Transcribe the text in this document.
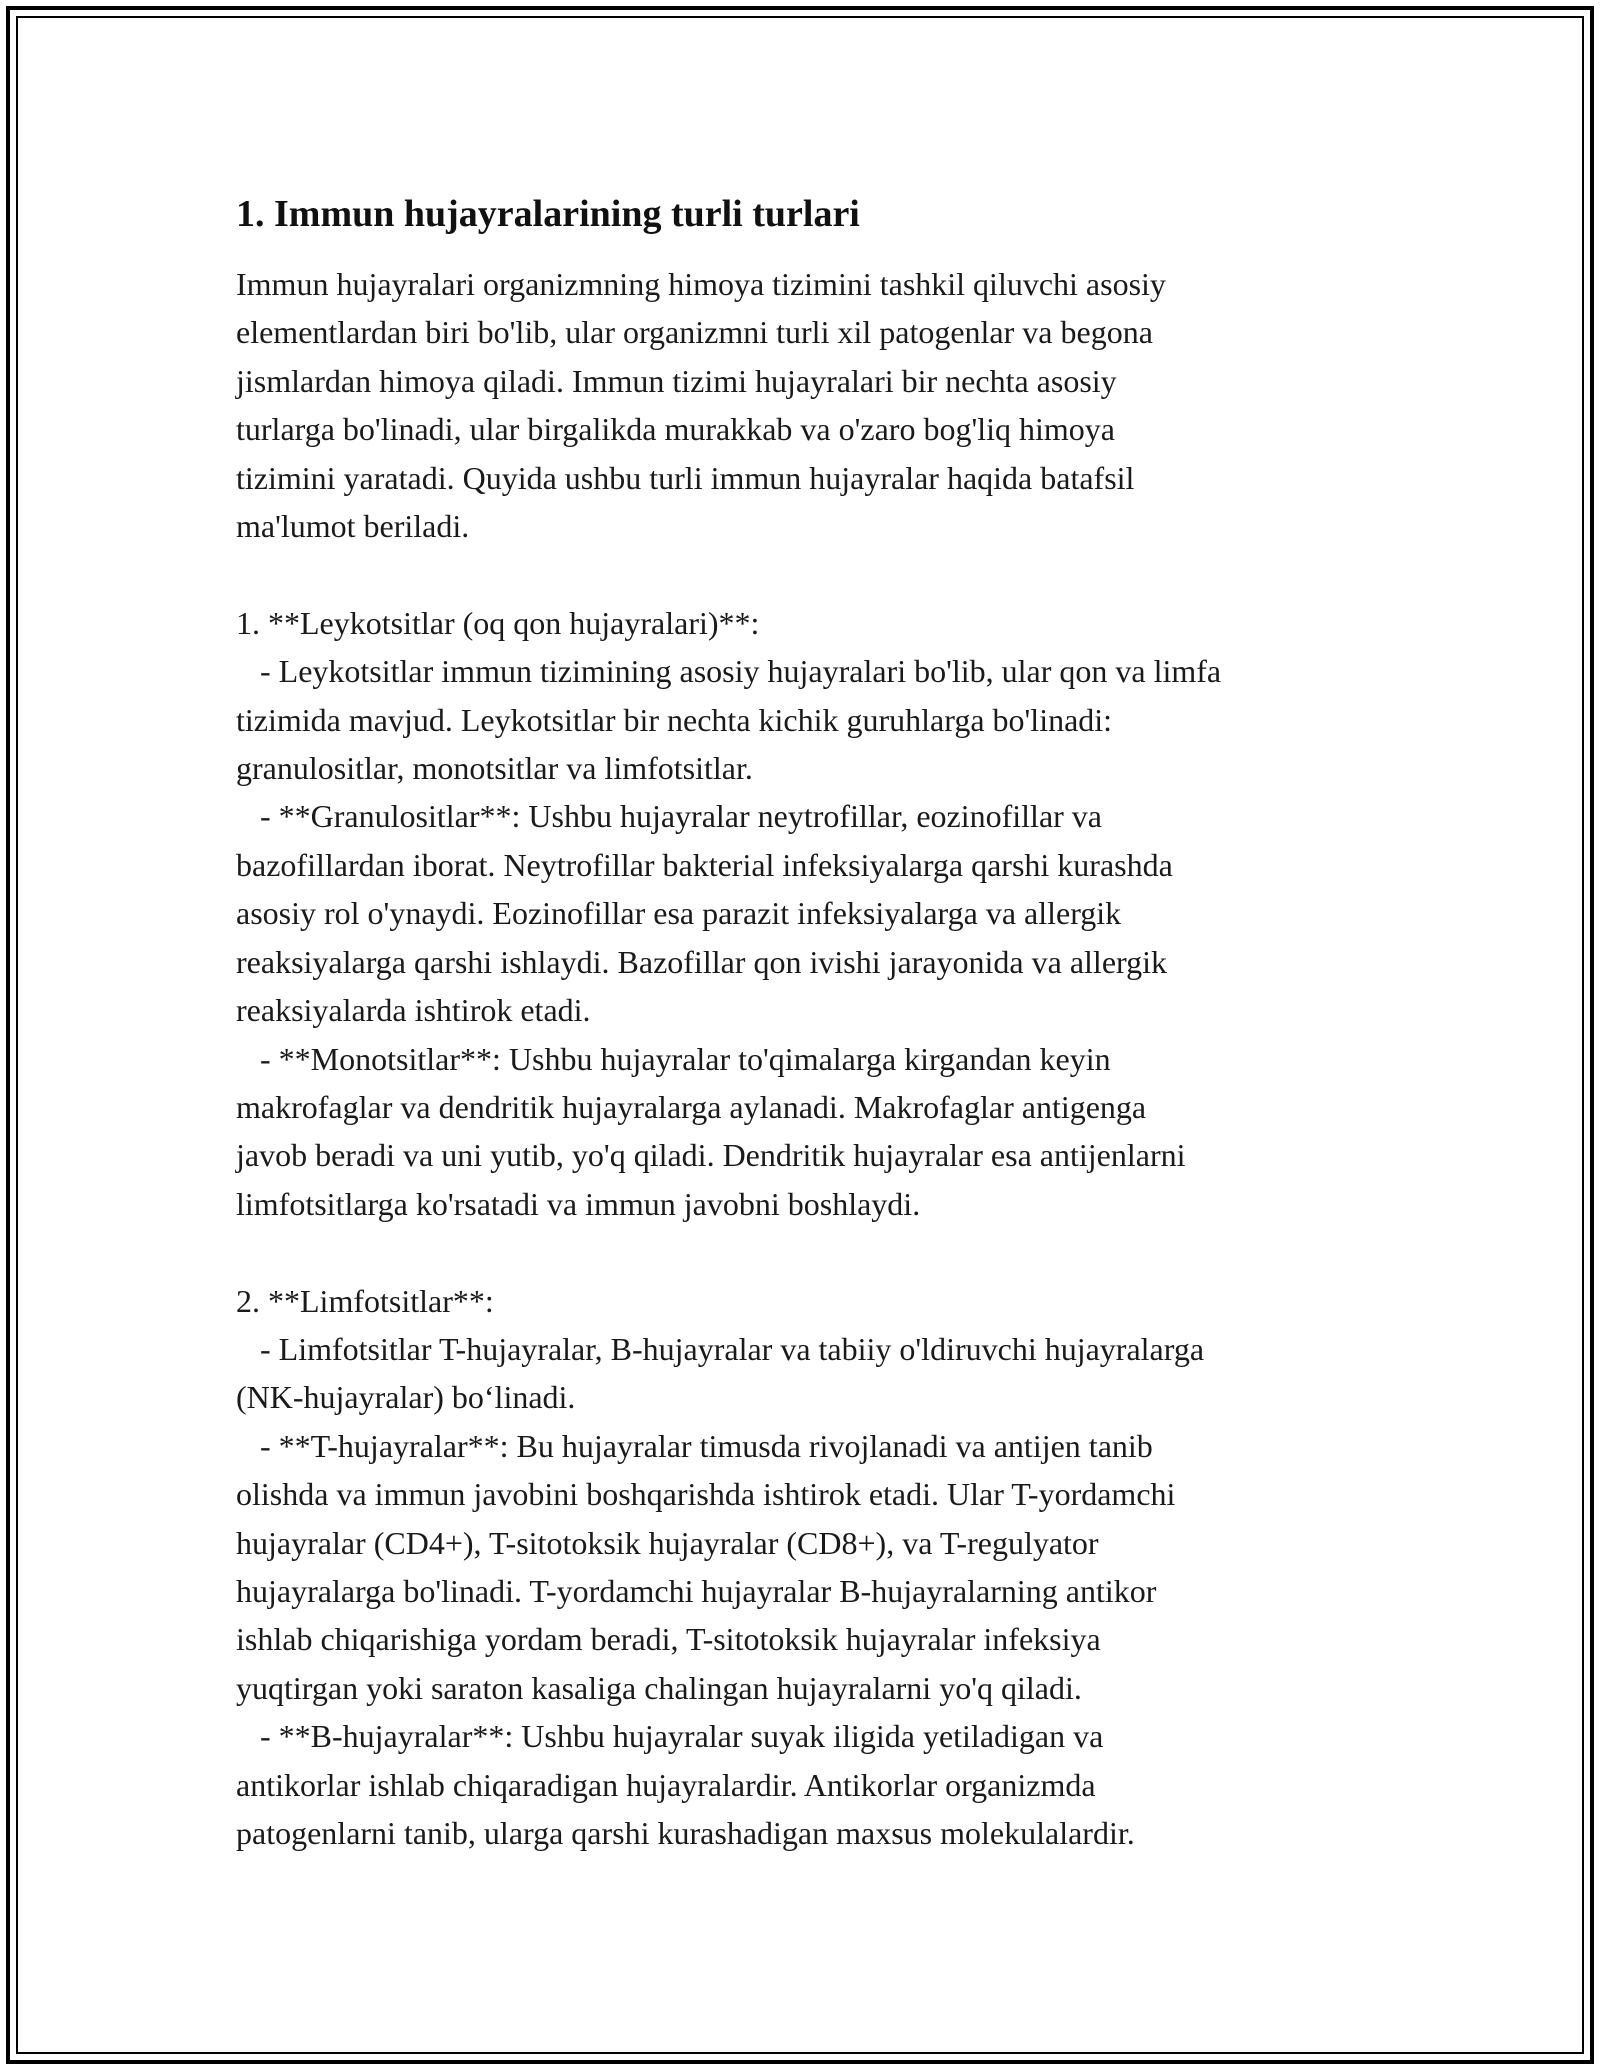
1. Immun hujayralarining turli turlari

Immun hujayralari organizmning himoya tizimini tashkil qiluvchi asosiy
elementlardan biri bo'lib, ular organizmni turli xil patogenlar va begona
jismlardan himoya qiladi. Immun tizimi hujayralari bir nechta asosiy
turlarga bo'linadi, ular birgalikda murakkab va o'zaro bog'liq himoya
tizimini yaratadi. Quyida ushbu turli immun hujayralar haqida batafsil
ma'lumot beriladi.

1. **Leykotsitlar (oq qon hujayralari)**:
- Leykotsitlar immun tizimining asosiy hujayralari bo'lib, ular qon va limfa
tizimida mavjud. Leykotsitlar bir nechta kichik guruhlarga bo'linadi:
granulositlar, monotsitlar va limfotsitlar.
- **Granulositlar**: Ushbu hujayralar neytrofillar, eozinofillar va
bazofillardan iborat. Neytrofillar bakterial infeksiyalarga qarshi kurashda
asosiy rol o'ynaydi. Eozinofillar esa parazit infeksiyalarga va allergik
reaksiyalarga qarshi ishlaydi. Bazofillar qon ivishi jarayonida va allergik
reaksiyalarda ishtirok etadi.
- **Monotsitlar**: Ushbu hujayralar to'qimalarga kirgandan keyin
makrofaglar va dendritik hujayralarga aylanadi. Makrofaglar antigenga
javob beradi va uni yutib, yo'q qiladi. Dendritik hujayralar esa antijenlarni
limfotsitlarga ko'rsatadi va immun javobni boshlaydi.

2. **Limfotsitlar**:
- Limfotsitlar T-hujayralar, B-hujayralar va tabiiy o'ldiruvchi hujayralarga
(NK-hujayralar) bo‘linadi.
- **T-hujayralar**: Bu hujayralar timusda rivojlanadi va antijen tanib
olishda va immun javobini boshqarishda ishtirok etadi. Ular T-yordamchi
hujayralar (CD4+), T-sitotoksik hujayralar (CD8+), va T-regulyator
hujayralarga bo'linadi. T-yordamchi hujayralar B-hujayralarning antikor
ishlab chiqarishiga yordam beradi, T-sitotoksik hujayralar infeksiya
yuqtirgan yoki saraton kasaliga chalingan hujayralarni yo'q qiladi.
- **B-hujayralar**: Ushbu hujayralar suyak iligida yetiladigan va
antikorlar ishlab chiqaradigan hujayralardir. Antikorlar organizmda
patogenlarni tanib, ularga qarshi kurashadigan maxsus molekulalardir.
